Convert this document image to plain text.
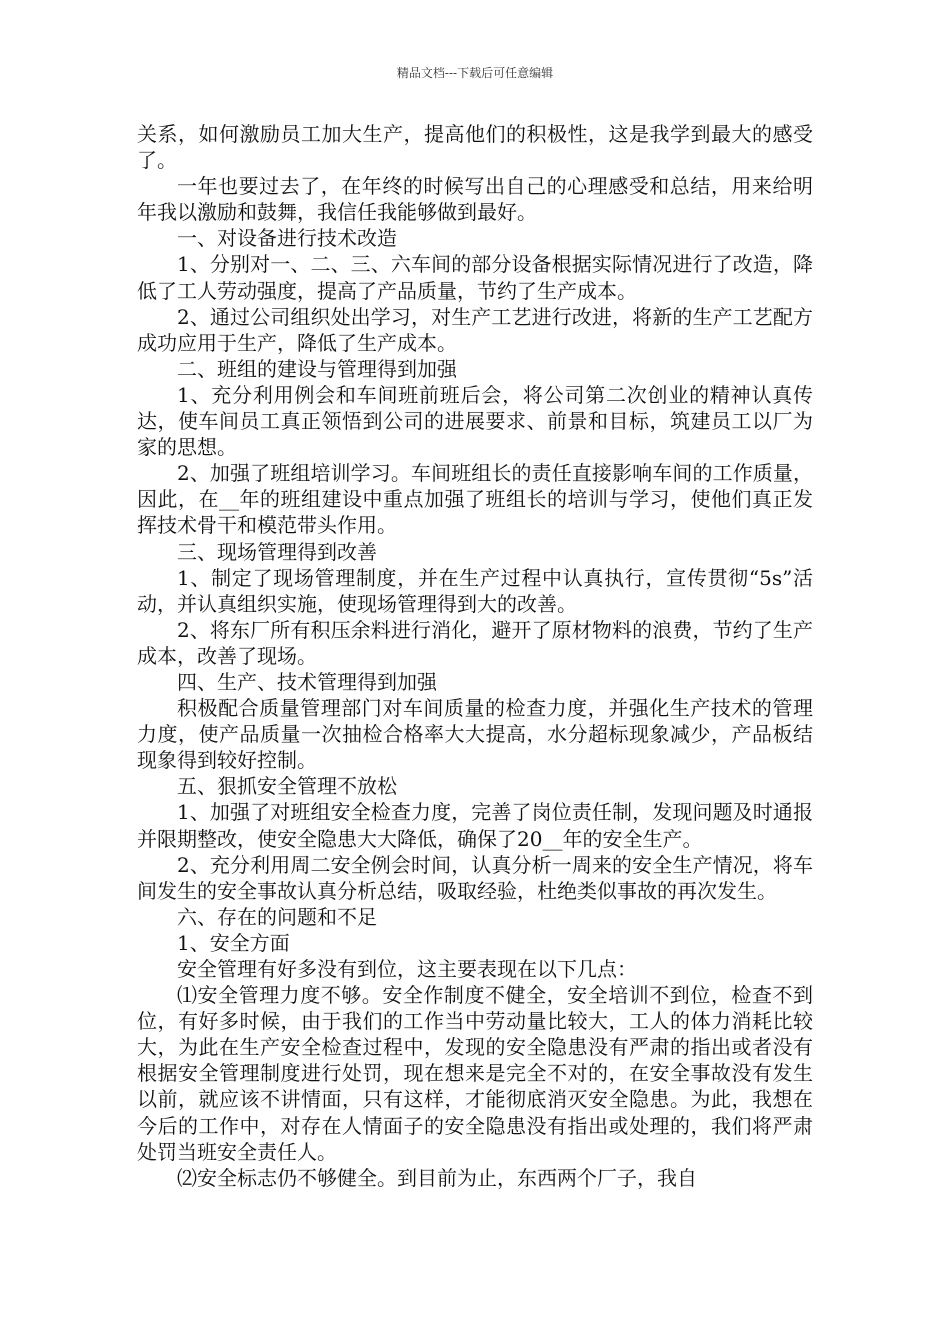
精品文档---下载后可任意编辑

关系，如何激励员工加大生产，提高他们的积极性，这是我学到最大的感受了。

一年也要过去了，在年终的时候写出自己的心理感受和总结，用来给明年我以激励和鼓舞，我信任我能够做到最好。

一、对设备进行技术改造

1、分别对一、二、三、六车间的部分设备根据实际情况进行了改造，降低了工人劳动强度，提高了产品质量，节约了生产成本。

2、通过公司组织处出学习，对生产工艺进行改进，将新的生产工艺配方成功应用于生产，降低了生产成本。

二、班组的建设与管理得到加强

1、充分利用例会和车间班前班后会，将公司第二次创业的精神认真传达，使车间员工真正领悟到公司的进展要求、前景和目标，筑建员工以厂为家的思想。

2、加强了班组培训学习。车间班组长的责任直接影响车间的工作质量，因此，在__年的班组建设中重点加强了班组长的培训与学习，使他们真正发挥技术骨干和模范带头作用。

三、现场管理得到改善

1、制定了现场管理制度，并在生产过程中认真执行，宣传贯彻“5s”活动，并认真组织实施，使现场管理得到大的改善。

2、将东厂所有积压余料进行消化，避开了原材物料的浪费，节约了生产成本，改善了现场。

四、生产、技术管理得到加强

积极配合质量管理部门对车间质量的检查力度，并强化生产技术的管理力度，使产品质量一次抽检合格率大大提高，水分超标现象减少，产品板结现象得到较好控制。

五、狠抓安全管理不放松

1、加强了对班组安全检查力度，完善了岗位责任制，发现问题及时通报并限期整改，使安全隐患大大降低，确保了20__年的安全生产。

2、充分利用周二安全例会时间，认真分析一周来的安全生产情况，将车间发生的安全事故认真分析总结，吸取经验，杜绝类似事故的再次发生。

六、存在的问题和不足

1、安全方面

安全管理有好多没有到位，这主要表现在以下几点：

⑴安全管理力度不够。安全作制度不健全，安全培训不到位，检查不到位，有好多时候，由于我们的工作当中劳动量比较大，工人的体力消耗比较大，为此在生产安全检查过程中，发现的安全隐患没有严肃的指出或者没有根据安全管理制度进行处罚，现在想来是完全不对的，在安全事故没有发生以前，就应该不讲情面，只有这样，才能彻底消灭安全隐患。为此，我想在今后的工作中，对存在人情面子的安全隐患没有指出或处理的，我们将严肃处罚当班安全责任人。

⑵安全标志仍不够健全。到目前为止，东西两个厂子，我自
